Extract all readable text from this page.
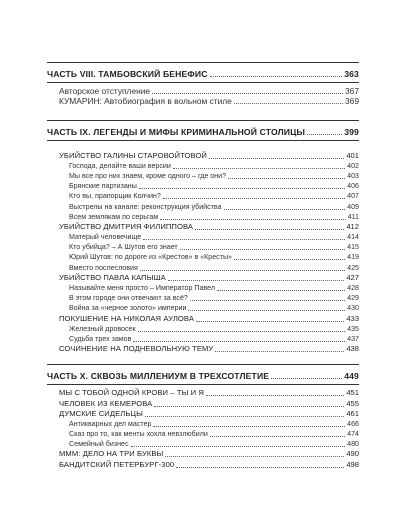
ЧАСТЬ VIII. ТАМБОВСКИЙ БЕНЕФИС	363
Авторское отступление	367
КУМАРИН: Автобиография в вольном стиле	369
ЧАСТЬ IX. ЛЕГЕНДЫ И МИФЫ КРИМИНАЛЬНОЙ СТОЛИЦЫ	399
УБИЙСТВО ГАЛИНЫ СТАРОВОЙТОВОЙ	401
Господа, делайте ваши версии	402
Мы все про них знаем, кроме одного – где они?	403
Брянские партизаны	406
Кто вы, прапорщик Колчин?	407
Выстрелы на канале: реконструкция убийства	409
Всем землякам по серьгам	411
УБИЙСТВО ДМИТРИЯ ФИЛИППОВА	412
Матерый человечище	414
Кто убийца? – А Шутов его знает	415
Юрий Шутов: по дороге из «Крестов» в «Кресты»	419
Вместо послесловия	425
УБИЙСТВО ПАВЛА КАПЫША	427
Называйте меня просто – Император Павел	428
В этом городе они отвечают за всё?	429
Война за «черное золото» империи	430
ПОКУШЕНИЕ НА НИКОЛАЯ АУЛОВА	433
Железный дровосек	435
Судьба трех замов	437
СОЧИНЕНИЕ НА ПОДНЕВОЛЬНУЮ ТЕМУ	438
ЧАСТЬ X. СКВОЗЬ МИЛЛЕНИУМ В ТРЕХСОТЛЕТИЕ	449
МЫ С ТОБОЙ ОДНОЙ КРОВИ – ТЫ И Я	451
ЧЕЛОВЕК ИЗ КЕМЕРОВА	455
ДУМСКИЕ СИДЕЛЬЦЫ	461
Антикварных дел мастер	466
Сказ про то, как менты хохла невзлюбили	474
Семейный бизнес	480
МММ: ДЕЛО НА ТРИ БУКВЫ	490
БАНДИТСКИЙ ПЕТЕРБУРГ-300	498
